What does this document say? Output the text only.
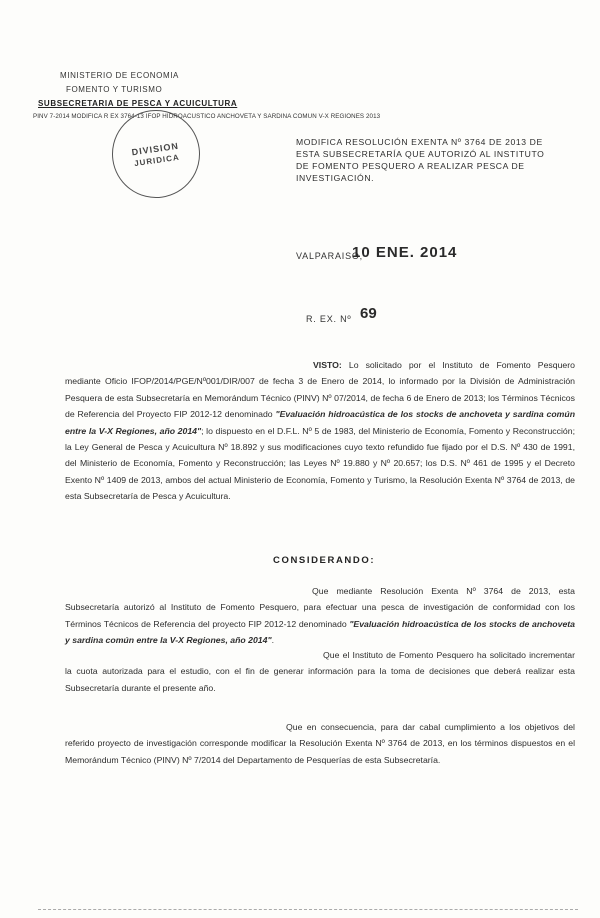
MINISTERIO DE ECONOMIA
FOMENTO Y TURISMO
SUBSECRETARIA DE PESCA Y ACUICULTURA
PINV 7-2014 MODIFICA R EX 3764-13 IFOP HIDROACUSTICO ANCHOVETA Y SARDINA COMUN V-X REGIONES 2013
DIVISION
JURIDICA
MODIFICA RESOLUCIÓN EXENTA Nº 3764 DE 2013 DE ESTA SUBSECRETARÍA QUE AUTORIZÓ AL INSTITUTO DE FOMENTO PESQUERO A REALIZAR PESCA DE INVESTIGACIÓN.
VALPARAISO,
10 ENE. 2014
R. EX. Nº 69
VISTO: Lo solicitado por el Instituto de Fomento Pesquero mediante Oficio IFOP/2014/PGE/Nº001/DIR/007 de fecha 3 de Enero de 2014, lo informado por la División de Administración Pesquera de esta Subsecretaría en Memorándum Técnico (PINV) Nº 07/2014, de fecha 6 de Enero de 2013; los Términos Técnicos de Referencia del Proyecto FIP 2012-12 denominado "Evaluación hidroacústica de los stocks de anchoveta y sardina común entre la V-X Regiones, año 2014"; lo dispuesto en el D.F.L. Nº 5 de 1983, del Ministerio de Economía, Fomento y Reconstrucción; la Ley General de Pesca y Acuicultura Nº 18.892 y sus modificaciones cuyo texto refundido fue fijado por el D.S. Nº 430 de 1991, del Ministerio de Economía, Fomento y Reconstrucción; las Leyes Nº 19.880 y Nº 20.657; los D.S. Nº 461 de 1995 y el Decreto Exento Nº 1409 de 2013, ambos del actual Ministerio de Economía, Fomento y Turismo, la Resolución Exenta Nº 3764 de 2013, de esta Subsecretaría de Pesca y Acuicultura.
CONSIDERANDO:
Que mediante Resolución Exenta Nº 3764 de 2013, esta Subsecretaría autorizó al Instituto de Fomento Pesquero, para efectuar una pesca de investigación de conformidad con los Términos Técnicos de Referencia del proyecto FIP 2012-12 denominado "Evaluación hidroacústica de los stocks de anchoveta y sardina común entre la V-X Regiones, año 2014".
Que el Instituto de Fomento Pesquero ha solicitado incrementar la cuota autorizada para el estudio, con el fin de generar información para la toma de decisiones que deberá realizar esta Subsecretaría durante el presente año.
Que en consecuencia, para dar cabal cumplimiento a los objetivos del referido proyecto de investigación corresponde modificar la Resolución Exenta Nº 3764 de 2013, en los términos dispuestos en el Memorándum Técnico (PINV) Nº 7/2014 del Departamento de Pesquerías de esta Subsecretaría.
